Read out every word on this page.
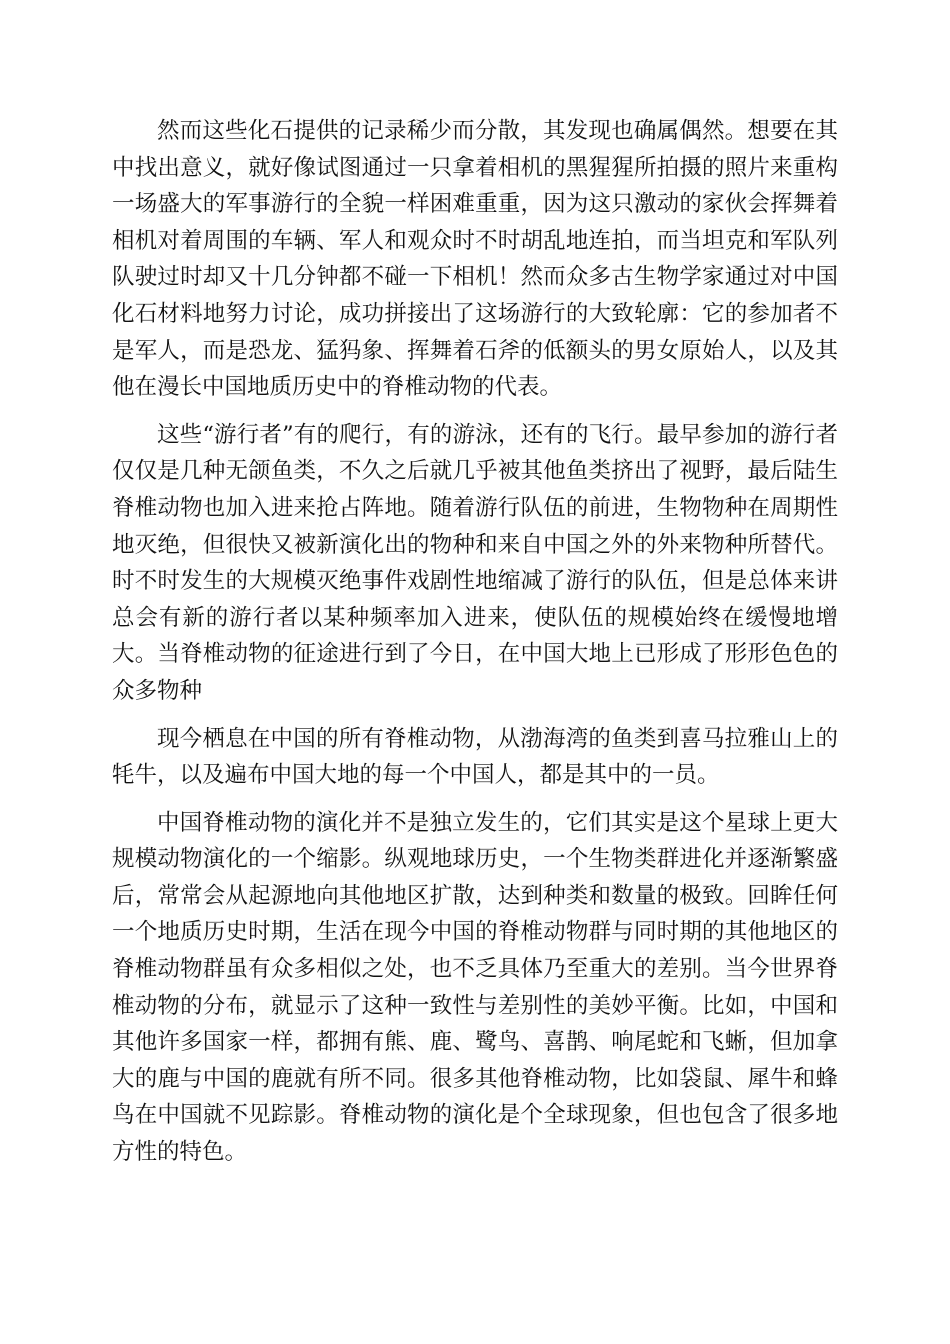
然而这些化石提供的记录稀少而分散，其发现也确属偶然。想要在其中找出意义，就好像试图通过一只拿着相机的黑猩猩所拍摄的照片来重构一场盛大的军事游行的全貌一样困难重重，因为这只激动的家伙会挥舞着相机对着周围的车辆、军人和观众时不时胡乱地连拍，而当坦克和军队列队驶过时却又十几分钟都不碰一下相机！然而众多古生物学家通过对中国化石材料地努力讨论，成功拼接出了这场游行的大致轮廓：它的参加者不是军人，而是恐龙、猛犸象、挥舞着石斧的低额头的男女原始人，以及其他在漫长中国地质历史中的脊椎动物的代表。

这些“游行者”有的爬行，有的游泳，还有的飞行。最早参加的游行者仅仅是几种无颌鱼类，不久之后就几乎被其他鱼类挤出了视野，最后陆生脊椎动物也加入进来抢占阵地。随着游行队伍的前进，生物物种在周期性地灭绝，但很快又被新演化出的物种和来自中国之外的外来物种所替代。时不时发生的大规模灭绝事件戏剧性地缩减了游行的队伍，但是总体来讲总会有新的游行者以某种频率加入进来，使队伍的规模始终在缓慢地增大。当脊椎动物的征途进行到了今日，在中国大地上已形成了形形色色的众多物种

现今栖息在中国的所有脊椎动物，从渤海湾的鱼类到喜马拉雅山上的牦牛，以及遍布中国大地的每一个中国人，都是其中的一员。

中国脊椎动物的演化并不是独立发生的，它们其实是这个星球上更大规模动物演化的一个缩影。纵观地球历史，一个生物类群进化并逐渐繁盛后，常常会从起源地向其他地区扩散，达到种类和数量的极致。回眸任何一个地质历史时期，生活在现今中国的脊椎动物群与同时期的其他地区的脊椎动物群虽有众多相似之处，也不乏具体乃至重大的差别。当今世界脊椎动物的分布，就显示了这种一致性与差别性的美妙平衡。比如，中国和其他许多国家一样，都拥有熊、鹿、鹭鸟、喜鹊、响尾蛇和飞蜥，但加拿大的鹿与中国的鹿就有所不同。很多其他脊椎动物，比如袋鼠、犀牛和蜂鸟在中国就不见踪影。脊椎动物的演化是个全球现象，但也包含了很多地方性的特色。
